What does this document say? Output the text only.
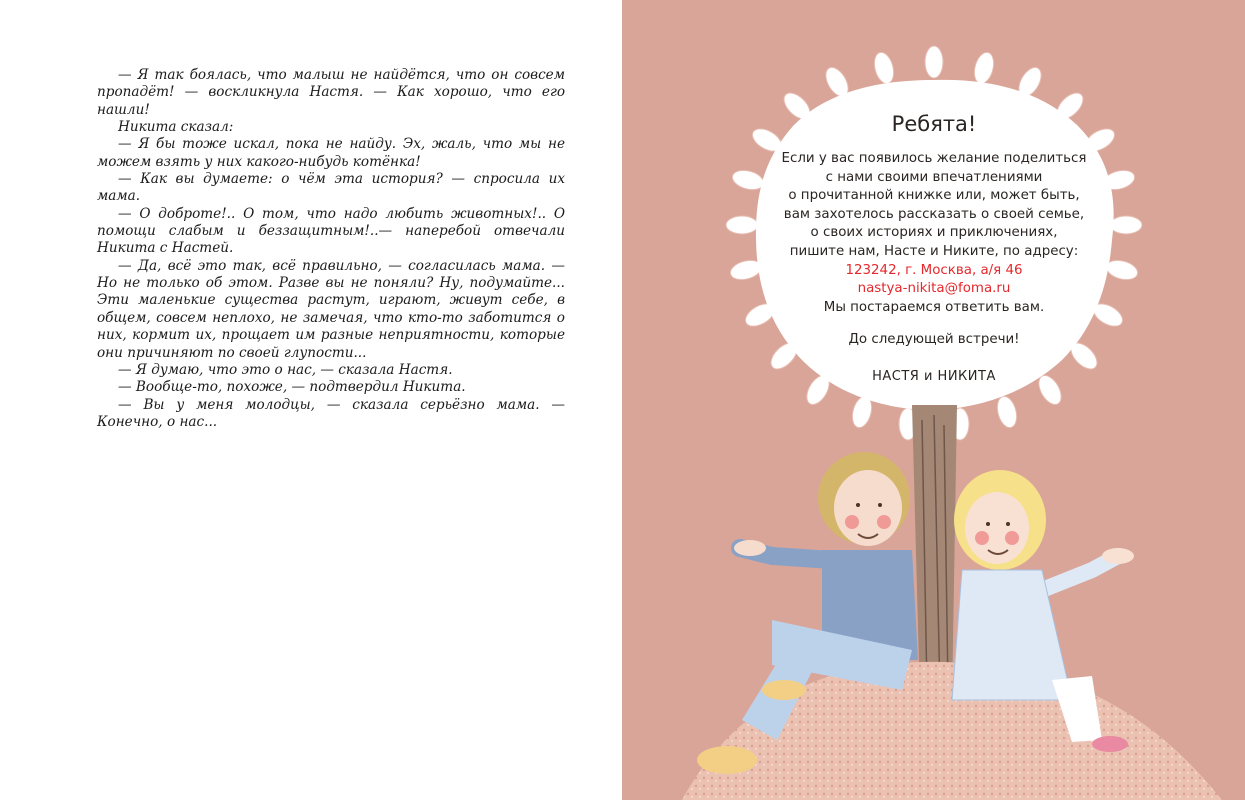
— Я так боялась, что малыш не найдётся, что он совсем пропадёт! — воскликнула Настя. — Как хорошо, что его нашли!

Никита сказал:

— Я бы тоже искал, пока не найду. Эх, жаль, что мы не можем взять у них какого-нибудь котёнка!

— Как вы думаете: о чём эта история? — спросила их мама.

— О доброте!.. О том, что надо любить животных!.. О помощи слабым и беззащитным!..— наперебой отвечали Никита с Настей.

— Да, всё это так, всё правильно, — согласилась мама. — Но не только об этом. Разве вы не поняли? Ну, подумайте... Эти маленькие существа растут, играют, живут себе, в общем, совсем неплохо, не замечая, что кто-то заботится о них, кормит их, прощает им разные неприятности, которые они причиняют по своей глупости...

— Я думаю, что это о нас, — сказала Настя.

— Вообще-то, похоже, — подтвердил Никита.

— Вы у меня молодцы, — сказала серьёзно мама. — Конечно, о нас...

Ребята!
Если у вас появилось желание поделиться
с нами своими впечатлениями
о прочитанной книжке или, может быть,
вам захотелось рассказать о своей семье,
о своих историях и приключениях,
пишите нам, Насте и Никите, по адресу:
123242, г. Москва, а/я 46
nastya-nikita@foma.ru
Мы постараемся ответить вам.
До следующей встречи!
НАСТЯ и НИКИТА
